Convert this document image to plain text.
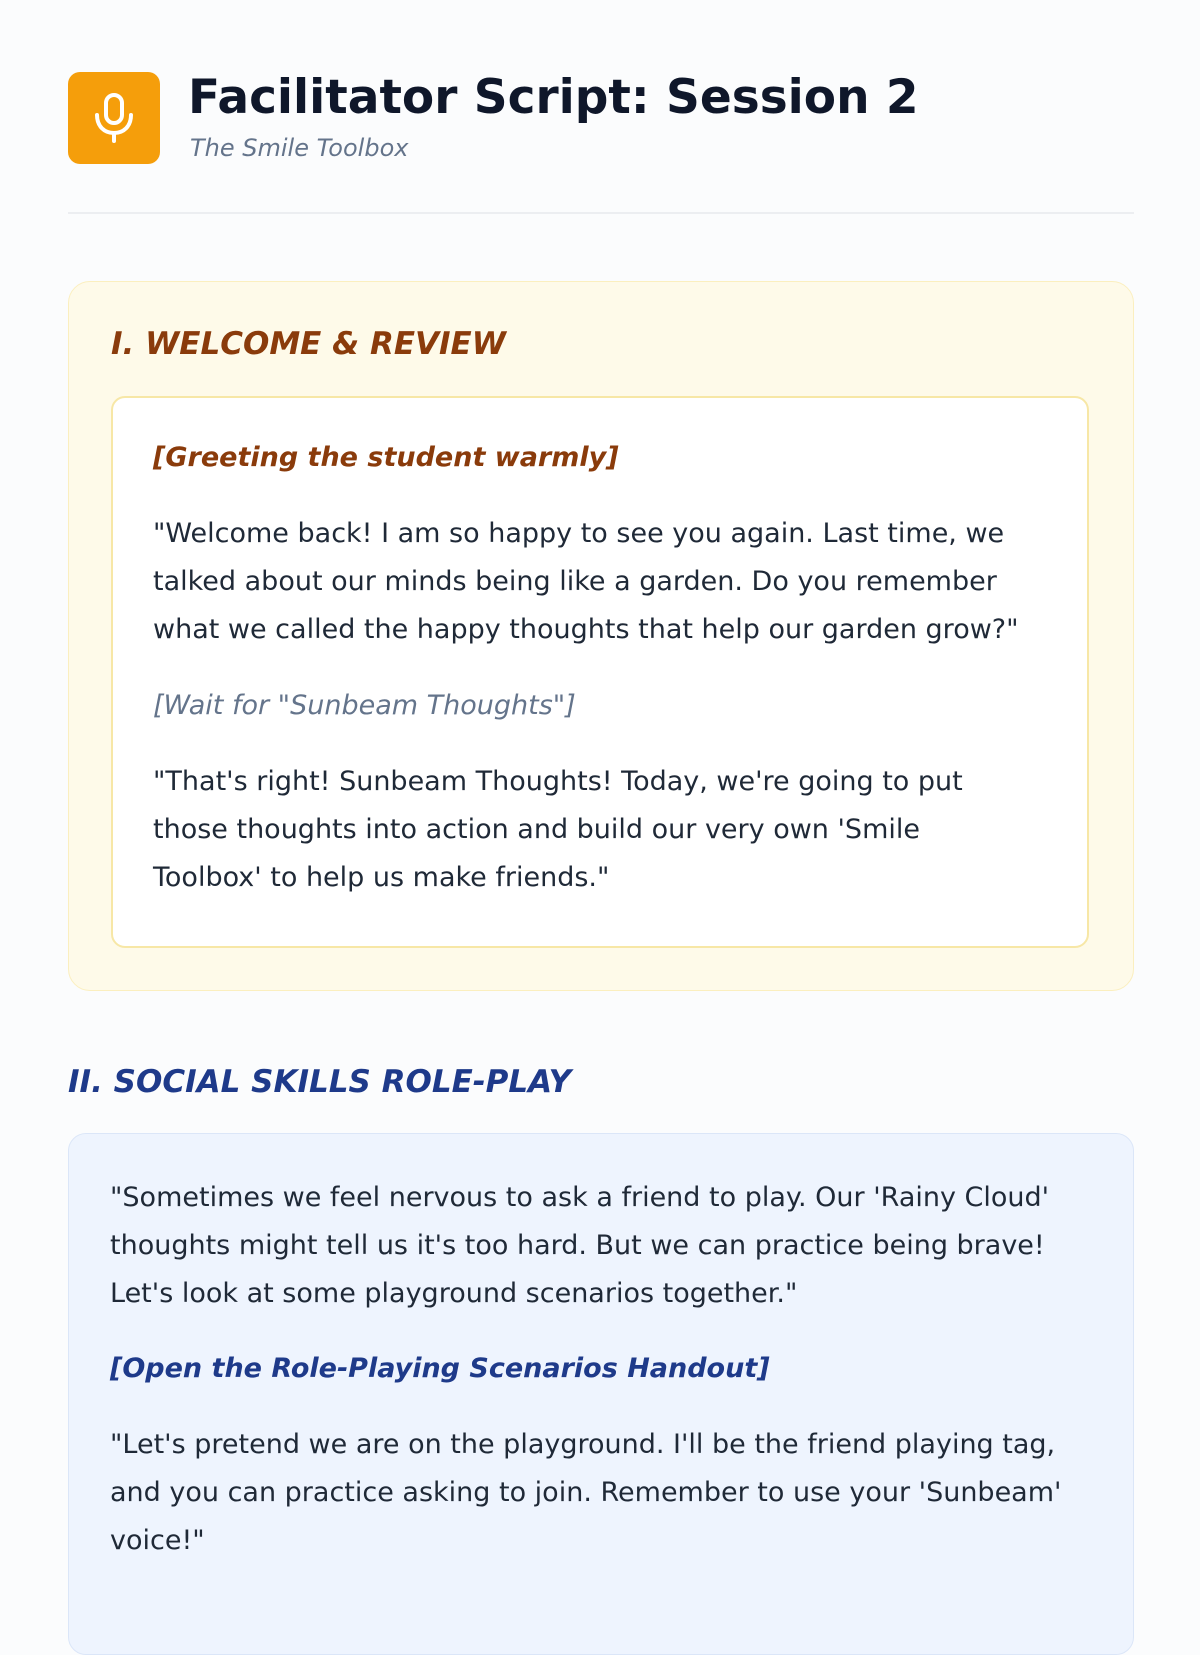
Facilitator Script: Session 2
The Smile Toolbox
I. WELCOME & REVIEW

[Greeting the student warmly]

"Welcome back! I am so happy to see you again. Last time, we talked about our minds being like a garden. Do you remember what we called the happy thoughts that help our garden grow?"

[Wait for "Sunbeam Thoughts"]

"That's right! Sunbeam Thoughts! Today, we're going to put those thoughts into action and build our very own 'Smile Toolbox' to help us make friends."

II. SOCIAL SKILLS ROLE-PLAY

"Sometimes we feel nervous to ask a friend to play. Our 'Rainy Cloud' thoughts might tell us it's too hard. But we can practice being brave! Let's look at some playground scenarios together."

[Open the Role-Playing Scenarios Handout]

"Let's pretend we are on the playground. I'll be the friend playing tag, and you can practice asking to join. Remember to use your 'Sunbeam' voice!"
